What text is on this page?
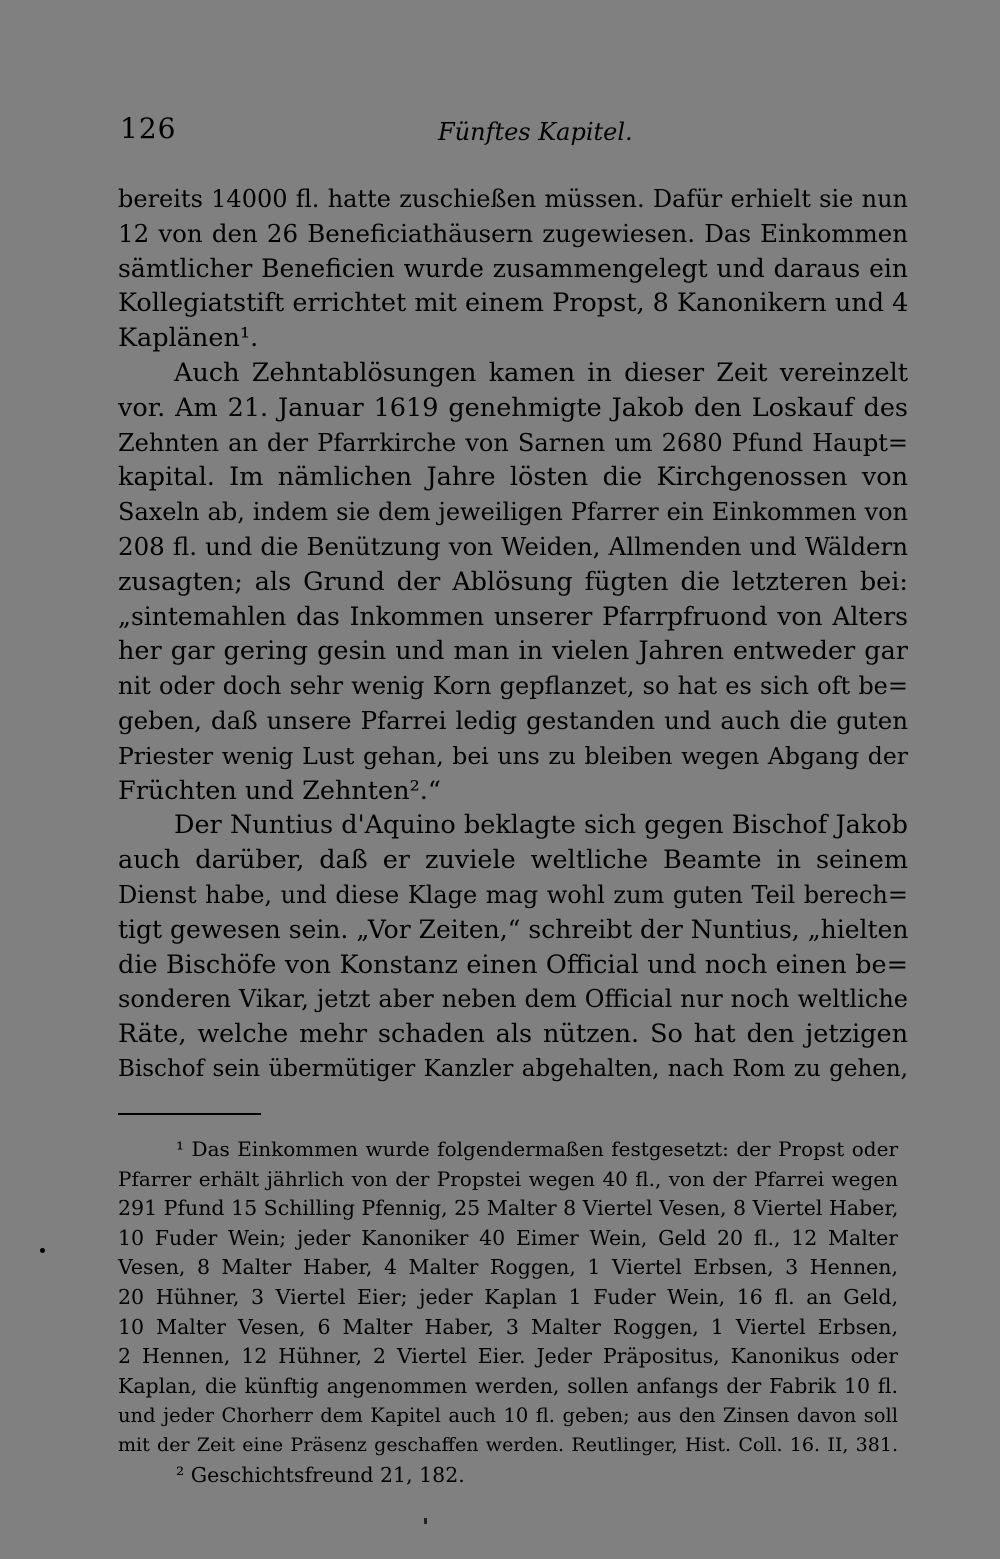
126	Fünftes Kapitel.
bereits 14000 fl. hatte zuschießen müssen. Dafür erhielt sie nun
12 von den 26 Beneficiathäusern zugewiesen. Das Einkommen
sämtlicher Beneficien wurde zusammengelegt und daraus ein
Kollegiatstift errichtet mit einem Propst, 8 Kanonikern und 4
Kaplänen¹.
Auch Zehntablösungen kamen in dieser Zeit vereinzelt
vor. Am 21. Januar 1619 genehmigte Jakob den Loskauf des
Zehnten an der Pfarrkirche von Sarnen um 2680 Pfund Haupt=
kapital. Im nämlichen Jahre lösten die Kirchgenossen von
Saxeln ab, indem sie dem jeweiligen Pfarrer ein Einkommen von
208 fl. und die Benützung von Weiden, Allmenden und Wäldern
zusagten; als Grund der Ablösung fügten die letzteren bei:
„sintemahlen das Inkommen unserer Pfarrpfruond von Alters
her gar gering gesin und man in vielen Jahren entweder gar
nit oder doch sehr wenig Korn gepflanzet, so hat es sich oft be=
geben, daß unsere Pfarrei ledig gestanden und auch die guten
Priester wenig Lust gehan, bei uns zu bleiben wegen Abgang der
Früchten und Zehnten².“
Der Nuntius d'Aquino beklagte sich gegen Bischof Jakob
auch darüber, daß er zuviele weltliche Beamte in seinem
Dienst habe, und diese Klage mag wohl zum guten Teil berech=
tigt gewesen sein. „Vor Zeiten,“ schreibt der Nuntius, „hielten
die Bischöfe von Konstanz einen Official und noch einen be=
sonderen Vikar, jetzt aber neben dem Official nur noch weltliche
Räte, welche mehr schaden als nützen. So hat den jetzigen
Bischof sein übermütiger Kanzler abgehalten, nach Rom zu gehen,
¹ Das Einkommen wurde folgendermaßen festgesetzt: der Propst oder
Pfarrer erhält jährlich von der Propstei wegen 40 fl., von der Pfarrei wegen
291 Pfund 15 Schilling Pfennig, 25 Malter 8 Viertel Vesen, 8 Viertel Haber,
10 Fuder Wein; jeder Kanoniker 40 Eimer Wein, Geld 20 fl., 12 Malter
Vesen, 8 Malter Haber, 4 Malter Roggen, 1 Viertel Erbsen, 3 Hennen,
20 Hühner, 3 Viertel Eier; jeder Kaplan 1 Fuder Wein, 16 fl. an Geld,
10 Malter Vesen, 6 Malter Haber, 3 Malter Roggen, 1 Viertel Erbsen,
2 Hennen, 12 Hühner, 2 Viertel Eier. Jeder Präpositus, Kanonikus oder
Kaplan, die künftig angenommen werden, sollen anfangs der Fabrik 10 fl.
und jeder Chorherr dem Kapitel auch 10 fl. geben; aus den Zinsen davon soll
mit der Zeit eine Präsenz geschaffen werden. Reutlinger, Hist. Coll. 16. II, 381.
² Geschichtsfreund 21, 182.
